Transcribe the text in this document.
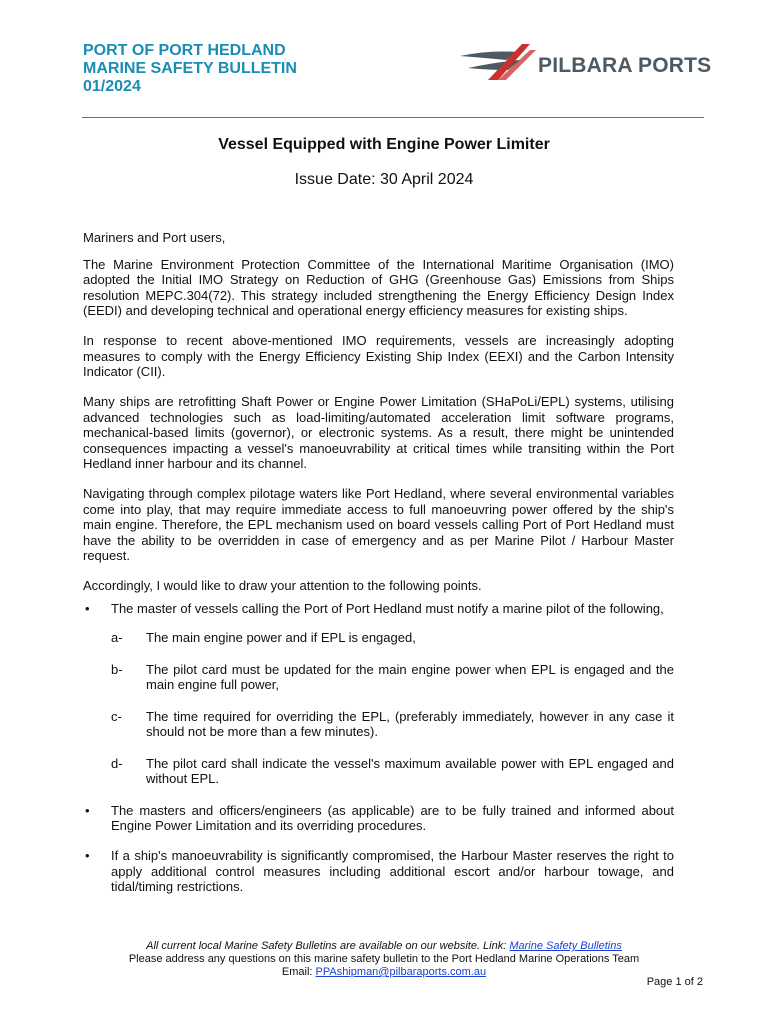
PORT OF PORT HEDLAND
MARINE SAFETY BULLETIN
01/2024
PILBARA PORTS
Vessel Equipped with Engine Power Limiter
Issue Date: 30 April 2024

Mariners and Port users,

The Marine Environment Protection Committee of the International Maritime Organisation (IMO) adopted the Initial IMO Strategy on Reduction of GHG (Greenhouse Gas) Emissions from Ships resolution MEPC.304(72). This strategy included strengthening the Energy Efficiency Design Index (EEDI) and developing technical and operational energy efficiency measures for existing ships.

In response to recent above-mentioned IMO requirements, vessels are increasingly adopting measures to comply with the Energy Efficiency Existing Ship Index (EEXI) and the Carbon Intensity Indicator (CII).

Many ships are retrofitting Shaft Power or Engine Power Limitation (SHaPoLi/EPL) systems, utilising advanced technologies such as load-limiting/automated acceleration limit software programs, mechanical-based limits (governor), or electronic systems. As a result, there might be unintended consequences impacting a vessel's manoeuvrability at critical times while transiting within the Port Hedland inner harbour and its channel.

Navigating through complex pilotage waters like Port Hedland, where several environmental variables come into play, that may require immediate access to full manoeuvring power offered by the ship's main engine. Therefore, the EPL mechanism used on board vessels calling Port of Port Hedland must have the ability to be overridden in case of emergency and as per Marine Pilot / Harbour Master request.

Accordingly, I would like to draw your attention to the following points.

• The master of vessels calling the Port of Port Hedland must notify a marine pilot of the following,
a- The main engine power and if EPL is engaged,
b- The pilot card must be updated for the main engine power when EPL is engaged and the main engine full power,
c- The time required for overriding the EPL, (preferably immediately, however in any case it should not be more than a few minutes).
d- The pilot card shall indicate the vessel's maximum available power with EPL engaged and without EPL.
• The masters and officers/engineers (as applicable) are to be fully trained and informed about Engine Power Limitation and its overriding procedures.
• If a ship's manoeuvrability is significantly compromised, the Harbour Master reserves the right to apply additional control measures including additional escort and/or harbour towage, and tidal/timing restrictions.
All current local Marine Safety Bulletins are available on our website. Link: Marine Safety Bulletins
Please address any questions on this marine safety bulletin to the Port Hedland Marine Operations Team
Email: PPAshipman@pilbaraports.com.au
Page 1 of 2
